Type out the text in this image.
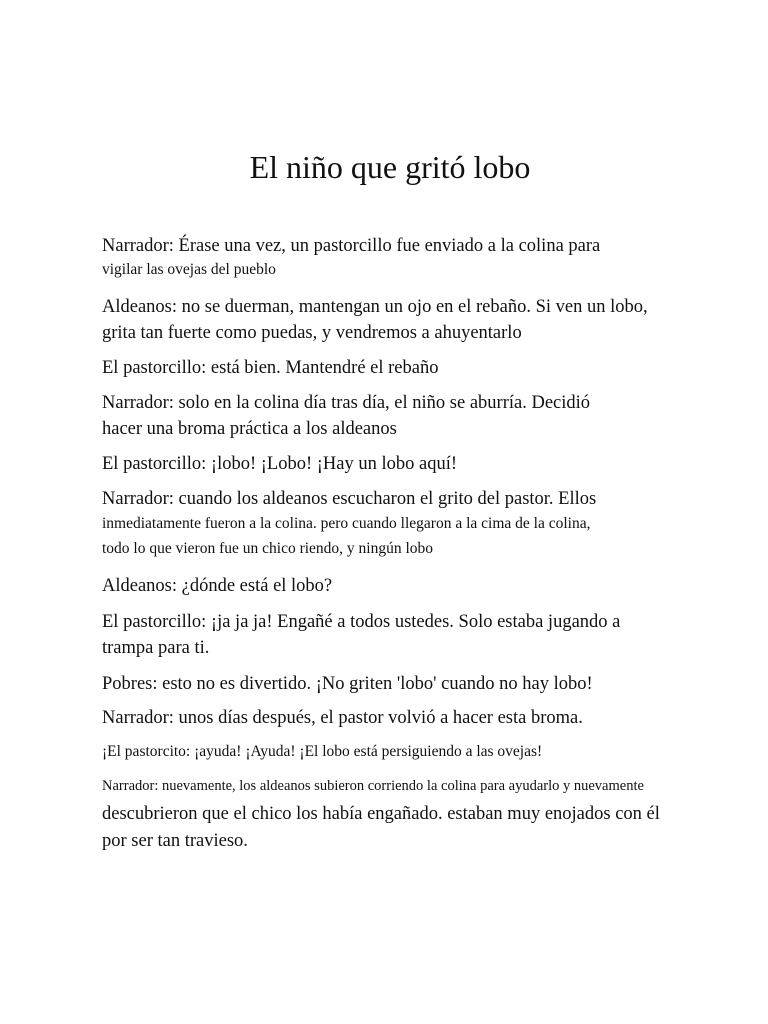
El niño que gritó lobo

Narrador: Érase una vez, un pastorcillo fue enviado a la colina para

vigilar las ovejas del pueblo

Aldeanos: no se duerman, mantengan un ojo en el rebaño. Si ven un lobo,

grita tan fuerte como puedas, y vendremos a ahuyentarlo

El pastorcillo: está bien. Mantendré el rebaño

Narrador: solo en la colina día tras día, el niño se aburría. Decidió

hacer una broma práctica a los aldeanos

El pastorcillo: ¡lobo! ¡Lobo! ¡Hay un lobo aquí!

Narrador: cuando los aldeanos escucharon el grito del pastor. Ellos

inmediatamente fueron a la colina. pero cuando llegaron a la cima de la colina,

todo lo que vieron fue un chico riendo, y ningún lobo

Aldeanos: ¿dónde está el lobo?

El pastorcillo: ¡ja ja ja! Engañé a todos ustedes. Solo estaba jugando a

trampa para ti.

Pobres: esto no es divertido. ¡No griten 'lobo' cuando no hay lobo!

Narrador: unos días después, el pastor volvió a hacer esta broma.

¡El pastorcito: ¡ayuda! ¡Ayuda! ¡El lobo está persiguiendo a las ovejas!

Narrador: nuevamente, los aldeanos subieron corriendo la colina para ayudarlo y nuevamente

descubrieron que el chico los había engañado. estaban muy enojados con él

por ser tan travieso.
